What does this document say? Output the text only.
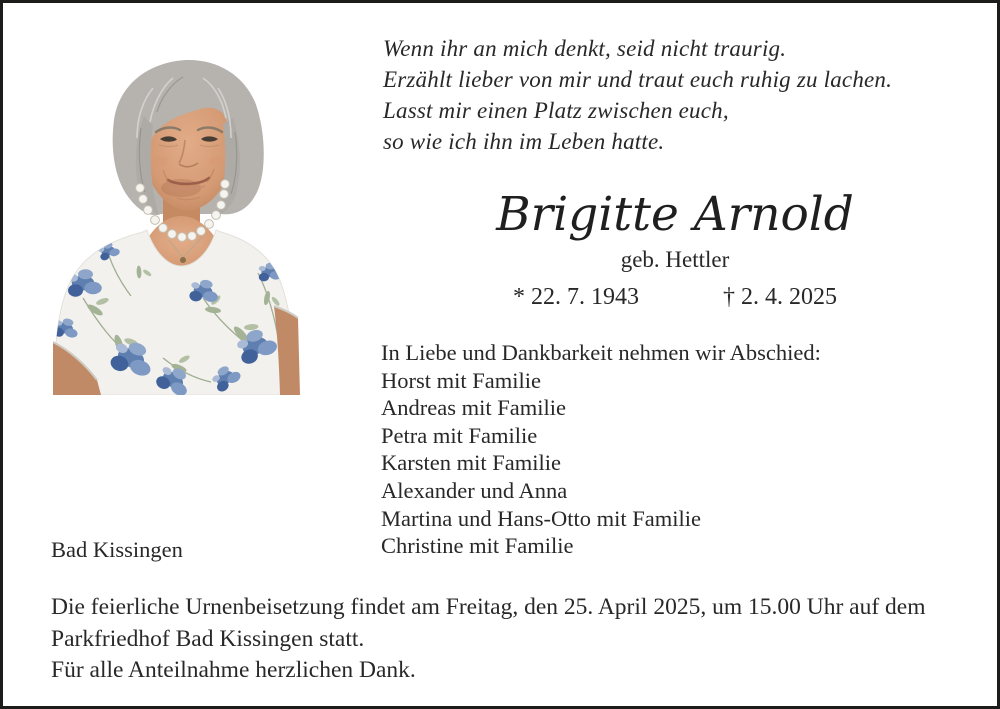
Wenn ihr an mich denkt, seid nicht traurig.
Erzählt lieber von mir und traut euch ruhig zu lachen.
Lasst mir einen Platz zwischen euch,
so wie ich ihn im Leben hatte.
Brigitte Arnold
geb. Hettler
* 22. 7. 1943	† 2. 4. 2025
In Liebe und Dankbarkeit nehmen wir Abschied:
Horst mit Familie
Andreas mit Familie
Petra mit Familie
Karsten mit Familie
Alexander und Anna
Martina und Hans-Otto mit Familie
Christine mit Familie
Bad Kissingen
Die feierliche Urnenbeisetzung findet am Freitag, den 25. April 2025, um 15.00 Uhr auf dem
Parkfriedhof Bad Kissingen statt.
Für alle Anteilnahme herzlichen Dank.
